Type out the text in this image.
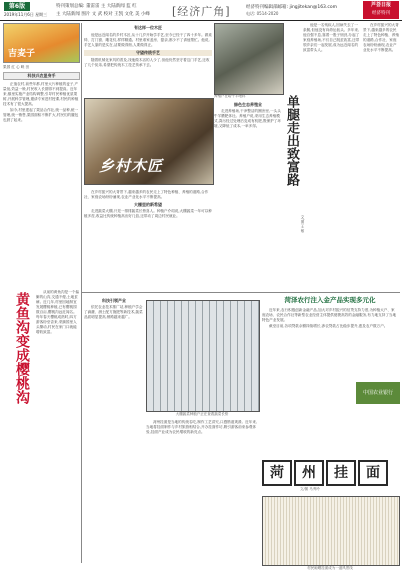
第6版
2019年11月6日 星期三
特刊策划总编: 董雷雷 主 大陆新闻 监 红
主 大陆新闻 图片 文 武 校对 王凯 文化 美 小峰 [经济广角]	经济特刊编辑部邮箱: jingjitekan@163.com
电话: 0514-2020
芦荟日报
经济特刊
吉麦子
果园 红 心 映 田
科技兴农显身手

正值农村,前些年都,村里大片种植的麦子,产量低,效益一般,村民收入长期得不到提高。近年来,镇里实施产业结构调整,引导村民种植优质果树,开展科学管理,邀请专家进村授课,村民的种植技术有了很大提高。

如今,村里建起了果品合作社,统一品种,统一管理,统一销售,果园面积不断扩大,村民们的腰包也鼓了起来。

黄鱼沟变成樱桃沟	从前的黄鱼沟是一个偏僻的山沟,交通不便,土地贫瘠。近几年,村里因地制宜发展樱桃种植,已有樱桃园数百亩,樱桃沟远近闻名。每年春天樱桃成熟时,四方游客纷至沓来,采摘园里人头攒动,村民在家门口就能增收致富。

有这样一位木匠

他是远近闻名的乡村木匠,从十几岁开始学手艺,至今已经干了四十多年。做桌椅、打门窗、雕花纹,样样精通。村里谁家盖房、娶亲,都少不了请他帮忙。他说,手艺人靠的是实在,活要做得细,人要做得正。

守望传统手艺

随着机械化家具的普及,找他做木活的人少了,但他仍然坚守着这门手艺,还收了几个徒弟,希望把传统木工技艺传承下去。

乡村木匠
养殖户在给牛羊喂料
绿色生态养殖业

走进养殖场,干净整洁的圈舍里,一头头牛羊膘肥体壮。养殖户说,采用生态养殖模式,粪污经过处理后变成有机肥,既保护了环境,又降低了成本,一举多得。	单腿走出致富路
文/图 王 敏

他是一名残疾人,因病失去了一条腿,但他没有向命运低头。多年来,他自强不息,靠着一股子韧劲,办起了家庭养殖场,不仅自己脱贫致富,还带领乡亲们一起发展,成为远近闻名的致富带头人。

在乡村振兴的大背景下,越来越多的农民走上了特色种植、养殖的道路,合作社、家庭农场纷纷涌现,农业产业化水平不断提高。

在乡村振兴的大背景下,越来越多的农民走上了特色种植、养殖的道路,合作社、家庭农场纷纷涌现,农业产业化水平不断提高。

大棚里的新希望

走进蔬菜大棚,只见一排排蔬菜长势喜人。种植户介绍说,大棚蔬菜一年可以种植多茬,收益比传统种植高出好几倍,还带动了周边村民就业。

科技引领产业

依托农业技术推广站,种植户学会了滴灌、测土配方施肥等新技术,蔬菜品质明显提高,销路越来越广。

大棚蔬菜种植户正在查看蔬菜长势
菏泽农行注入金产品实现多元化

近年来,农行积极创新金融产品,加大对乡村振兴的信贷支持力度,为种植大户、家庭农场、农民合作社等新型农业经营主体提供便捷高效的金融服务,有力地支持了当地特色产业发展。

截至目前,各项贷款余额持续增长,涉农贷款占比稳步提升,惠及农户数万户。

中国农业银行

菏州挂面是当地的传统名吃,制作工艺讲究,口感筋道爽滑。近年来,当地将挂面制作与乡村旅游相结合,开办挂面作坊,吸引游客前来参观体验,挂面产业成为农民增收的新亮点。

菏	州	挂	面
文/图 马秀玲
村民晾晒挂面成为一道风景线
